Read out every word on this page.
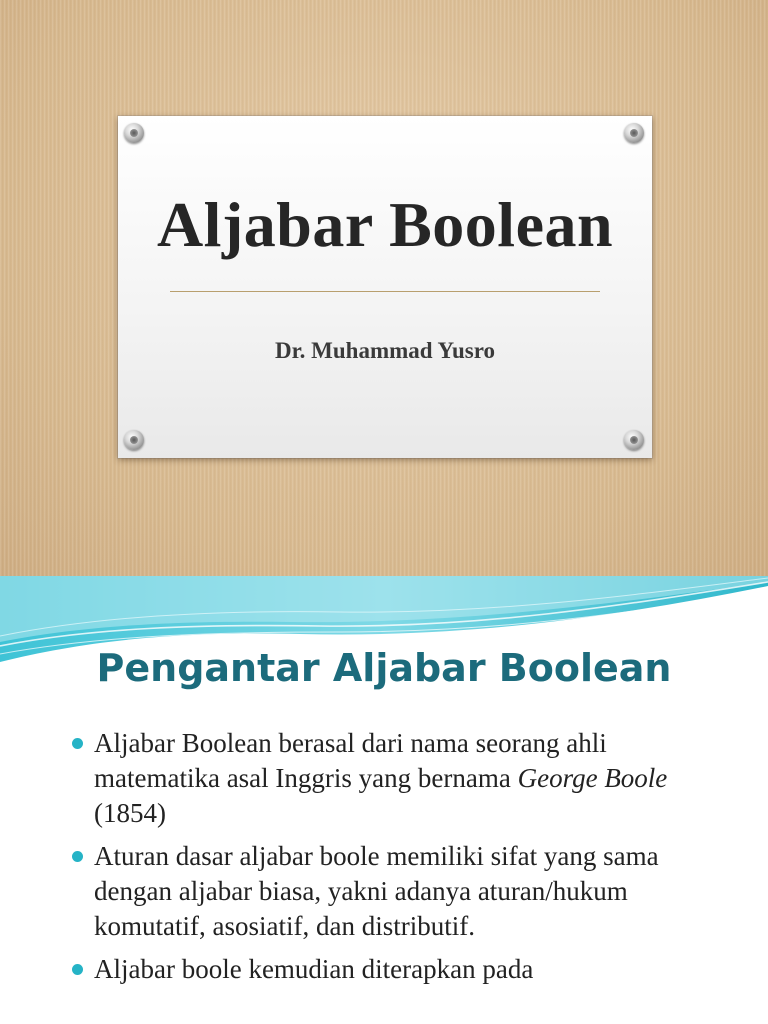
Aljabar Boolean
Dr. Muhammad Yusro
Pengantar Aljabar Boolean
Aljabar Boolean berasal dari nama seorang ahli matematika asal Inggris yang bernama George Boole (1854)
Aturan dasar aljabar boole memiliki sifat yang sama dengan aljabar biasa, yakni adanya aturan/hukum komutatif, asosiatif, dan distributif.
Aljabar boole kemudian diterapkan pada
